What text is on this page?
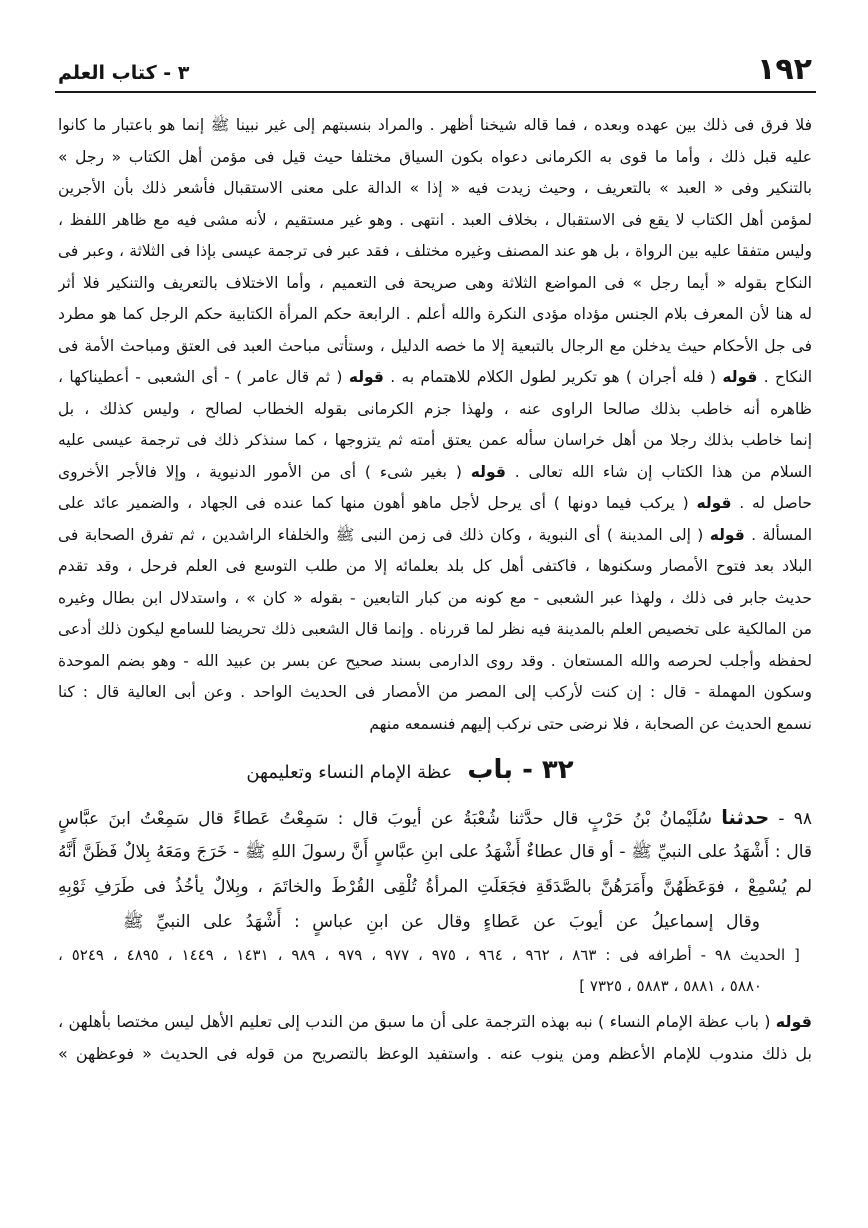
١٩٢
٣ - كتاب العلم
فلا فرق فى ذلك بين عهده وبعده ، فما قاله شيخنا أظهر . والمراد بنسبتهم إلى غير نبينا ﷺ إنما هو باعتبار ما كانوا
عليه قبل ذلك ، وأما ما قوى به الكرمانى دعواه بكون السياق مختلفا حيث قيل فى مؤمن أهل الكتاب « رجل »
بالتنكير وفى « العبد » بالتعريف ، وحيث زيدت فيه « إذا » الدالة على معنى الاستقبال فأشعر ذلك بأن الأجرين
لمؤمن أهل الكتاب لا يقع فى الاستقبال ، بخلاف العبد . انتهى . وهو غير مستقيم ، لأنه مشى فيه مع ظاهر اللفظ ،
وليس متفقا عليه بين الرواة ، بل هو عند المصنف وغيره مختلف ، فقد عبر فى ترجمة عيسى بإذا فى الثلاثة ، وعبر فى
النكاح بقوله « أيما رجل » فى المواضع الثلاثة وهى صريحة فى التعميم ، وأما الاختلاف بالتعريف والتنكير فلا أثر
له هنا لأن المعرف بلام الجنس مؤداه مؤدى النكرة والله أعلم . الرابعة حكم المرأة الكتابية حكم الرجل كما هو مطرد
فى جل الأحكام حيث يدخلن مع الرجال بالتبعية إلا ما خصه الدليل ، وستأتى مباحث العبد فى العتق ومباحث الأمة فى
النكاح . قوله ( فله أجران ) هو تكرير لطول الكلام للاهتمام به . قوله ( ثم قال عامر ) - أى الشعبى - أعطيناكها ،
ظاهره أنه خاطب بذلك صالحا الراوى عنه ، ولهذا جزم الكرمانى بقوله الخطاب لصالح ، وليس كذلك ، بل
إنما خاطب بذلك رجلا من أهل خراسان سأله عمن يعتق أمته ثم يتزوجها ، كما سنذكر ذلك فى ترجمة عيسى عليه
السلام من هذا الكتاب إن شاء الله تعالى . قوله ( بغير شىء ) أى من الأمور الدنيوية ، وإلا فالأجر الأخروى
حاصل له . قوله ( يركب فيما دونها ) أى يرحل لأجل ماهو أهون منها كما عنده فى الجهاد ، والضمير عائد على
المسألة . قوله ( إلى المدينة ) أى النبوية ، وكان ذلك فى زمن النبى ﷺ والخلفاء الراشدين ، ثم تفرق الصحابة فى
البلاد بعد فتوح الأمصار وسكنوها ، فاكتفى أهل كل بلد بعلمائه إلا من طلب التوسع فى العلم فرحل ، وقد تقدم
حديث جابر فى ذلك ، ولهذا عبر الشعبى - مع كونه من كبار التابعين - بقوله « كان » ، واستدلال ابن بطال وغيره
من المالكية على تخصيص العلم بالمدينة فيه نظر لما قررناه . وإنما قال الشعبى ذلك تحريضا للسامع ليكون ذلك أدعى
لحفظه وأجلب لحرصه والله المستعان . وقد روى الدارمى بسند صحيح عن بسر بن عبيد الله - وهو بضم الموحدة
وسكون المهملة - قال : إن كنت لأركب إلى المصر من الأمصار فى الحديث الواحد . وعن أبى العالية قال : كنا
نسمع الحديث عن الصحابة ، فلا نرضى حتى نركب إليهم فنسمعه منهم
٣٢ - باب عظة الإمام النساء وتعليمهن
٩٨ - حدثنا سُلَيْمانُ بْنُ حَرْبٍ قال حدَّثنا شُعْبَةُ عن أيوبَ قال : سَمِعْتُ عَطاءً قال سَمِعْتُ ابنَ عبَّاسٍ
قال : أَشْهَدُ على النبيِّ ﷺ - أو قال عطاءٌ أَشْهَدُ على ابنِ عبَّاسٍ أَنَّ رسولَ اللهِ ﷺ - خَرَجَ ومَعَهُ بِلالٌ فَظَنَّ أَنَّهُ
لم يُسْمِعْ ، فوَعَظَهُنَّ وأَمَرَهُنَّ بالصَّدَقَةِ فجَعَلَتِ المرأةُ تُلْقِى القُرْطَ والخاتَمَ ، وبِلالٌ يأخُذُ فى طَرَفِ ثَوْبِهِ
وقال إسماعيلُ عن أيوبَ عن عَطاءٍ وقال عن ابنِ عباسٍ : أَشْهَدُ على النبيِّ ﷺ
[ الحديث ٩٨ - أطرافه فى : ٨٦٣ ، ٩٦٢ ، ٩٦٤ ، ٩٧٥ ، ٩٧٧ ، ٩٧٩ ، ٩٨٩ ، ١٤٣١ ، ١٤٤٩ ، ٤٨٩٥ ، ٥٢٤٩ ،
٥٨٨٠ ، ٥٨٨١ ، ٥٨٨٣ ، ٧٣٢٥ ]
قوله ( باب عظة الإمام النساء ) نبه بهذه الترجمة على أن ما سبق من الندب إلى تعليم الأهل ليس مختصا بأهلهن ،
بل ذلك مندوب للإمام الأعظم ومن ينوب عنه . واستفيد الوعظ بالتصريح من قوله فى الحديث « فوعظهن »
